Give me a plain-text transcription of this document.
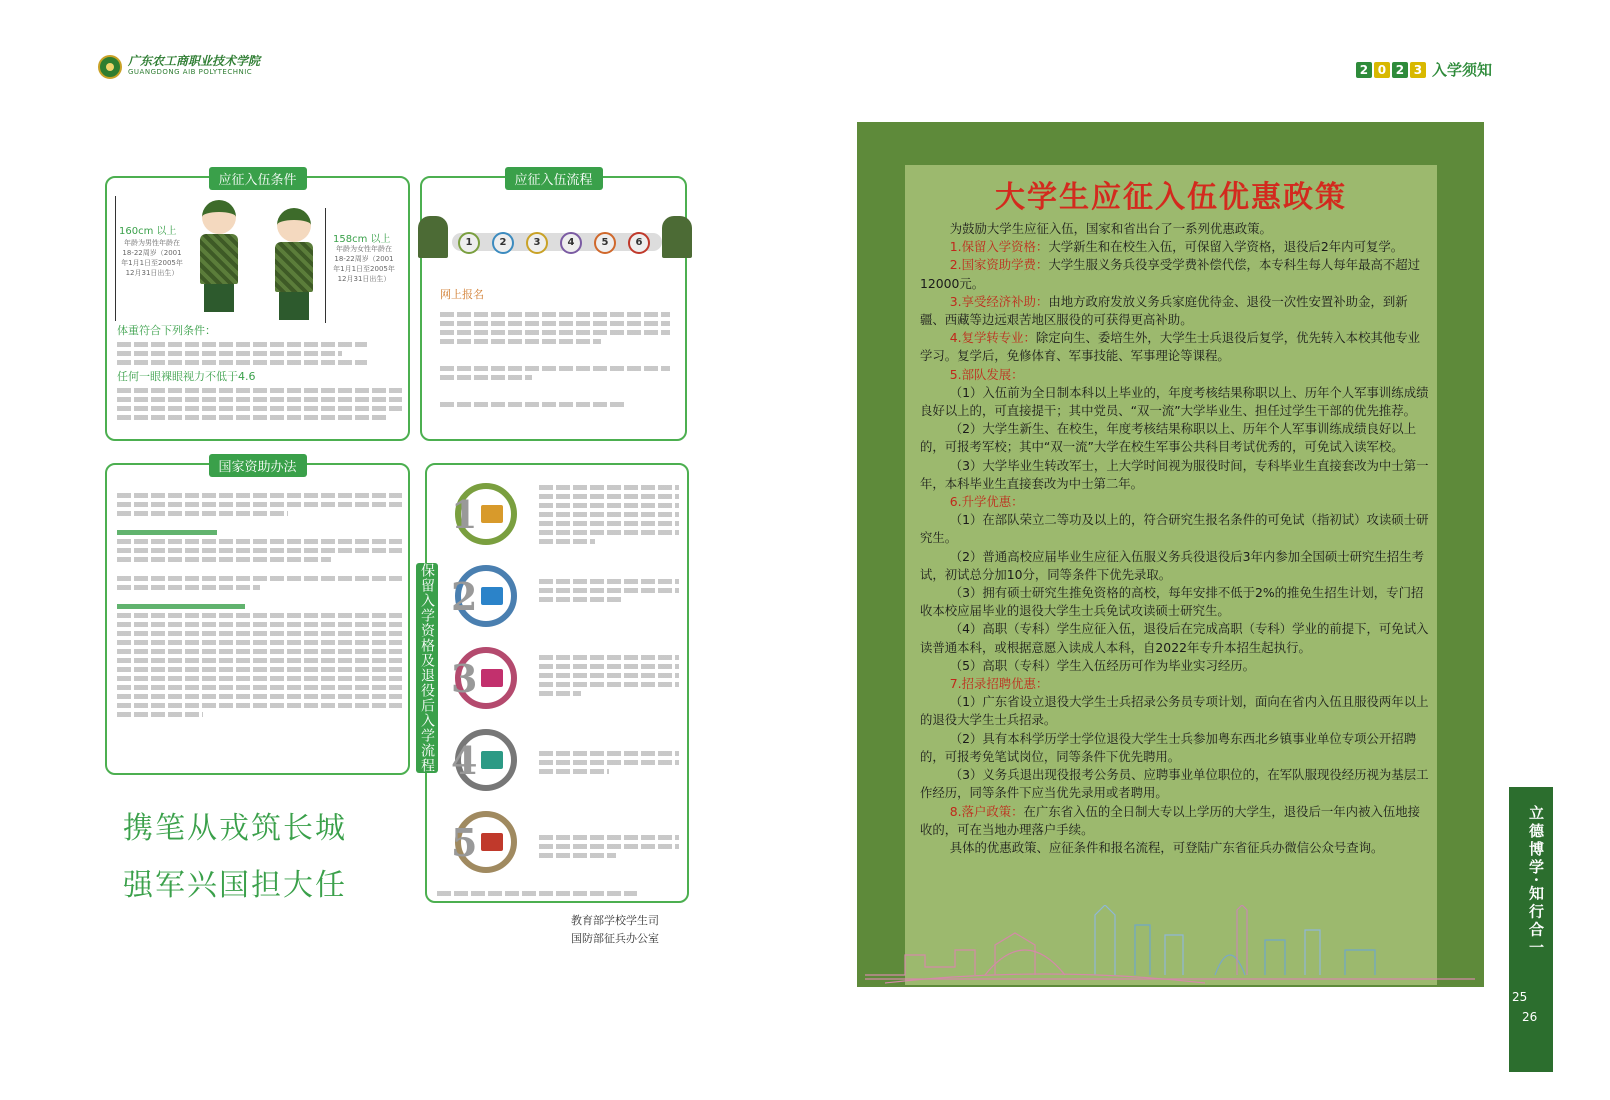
广东农工商职业技术学院
GUANGDONG AIB POLYTECHNIC	2 0 2 3 入学须知
应征入伍条件
160cm 以上
年龄为男性年龄在18-22周岁（2001年1月1日至2005年12月31日出生）
158cm 以上
年龄为女性年龄在18-22周岁（2001年1月1日至2005年12月31日出生）
体重符合下列条件：
任何一眼裸眼视力不低于4.6
应征入伍流程
1	2	3	4	5	6
网上报名
国家资助办法
1
2
3
4
5
保留入学资格及退役后入学流程
携笔从戎筑长城
强军兴国担大任
教育部学校学生司
国防部征兵办公室
大学生应征入伍优惠政策

为鼓励大学生应征入伍，国家和省出台了一系列优惠政策。

1.保留入学资格：大学新生和在校生入伍，可保留入学资格，退役后2年内可复学。

2.国家资助学费：大学生服义务兵役享受学费补偿代偿，本专科生每人每年最高不超过12000元。

3.享受经济补助：由地方政府发放义务兵家庭优待金、退役一次性安置补助金，到新疆、西藏等边远艰苦地区服役的可获得更高补助。

4.复学转专业：除定向生、委培生外，大学生士兵退役后复学，优先转入本校其他专业学习。复学后，免修体育、军事技能、军事理论等课程。

5.部队发展：

（1）入伍前为全日制本科以上毕业的，年度考核结果称职以上、历年个人军事训练成绩良好以上的，可直接提干；其中党员、“双一流”大学毕业生、担任过学生干部的优先推荐。

（2）大学生新生、在校生，年度考核结果称职以上、历年个人军事训练成绩良好以上的，可报考军校；其中“双一流”大学在校生军事公共科目考试优秀的，可免试入读军校。

（3）大学毕业生转改军士，上大学时间视为服役时间，专科毕业生直接套改为中士第一年，本科毕业生直接套改为中士第二年。

6.升学优惠：

（1）在部队荣立二等功及以上的，符合研究生报名条件的可免试（指初试）攻读硕士研究生。

（2）普通高校应届毕业生应征入伍服义务兵役退役后3年内参加全国硕士研究生招生考试，初试总分加10分，同等条件下优先录取。

（3）拥有硕士研究生推免资格的高校，每年安排不低于2%的推免生招生计划，专门招收本校应届毕业的退役大学生士兵免试攻读硕士研究生。

（4）高职（专科）学生应征入伍，退役后在完成高职（专科）学业的前提下，可免试入读普通本科，或根据意愿入读成人本科，自2022年专升本招生起执行。

（5）高职（专科）学生入伍经历可作为毕业实习经历。

7.招录招聘优惠：

（1）广东省设立退役大学生士兵招录公务员专项计划，面向在省内入伍且服役两年以上的退役大学生士兵招录。

（2）具有本科学历学士学位退役大学生士兵参加粤东西北乡镇事业单位专项公开招聘的，可报考免笔试岗位，同等条件下优先聘用。

（3）义务兵退出现役报考公务员、应聘事业单位职位的，在军队服现役经历视为基层工作经历，同等条件下应当优先录用或者聘用。

8.落户政策：在广东省入伍的全日制大专以上学历的大学生，退役后一年内被入伍地接收的，可在当地办理落户手续。

具体的优惠政策、应征条件和报名流程，可登陆广东省征兵办微信公众号查询。	立德博学·知行合一
25
26
